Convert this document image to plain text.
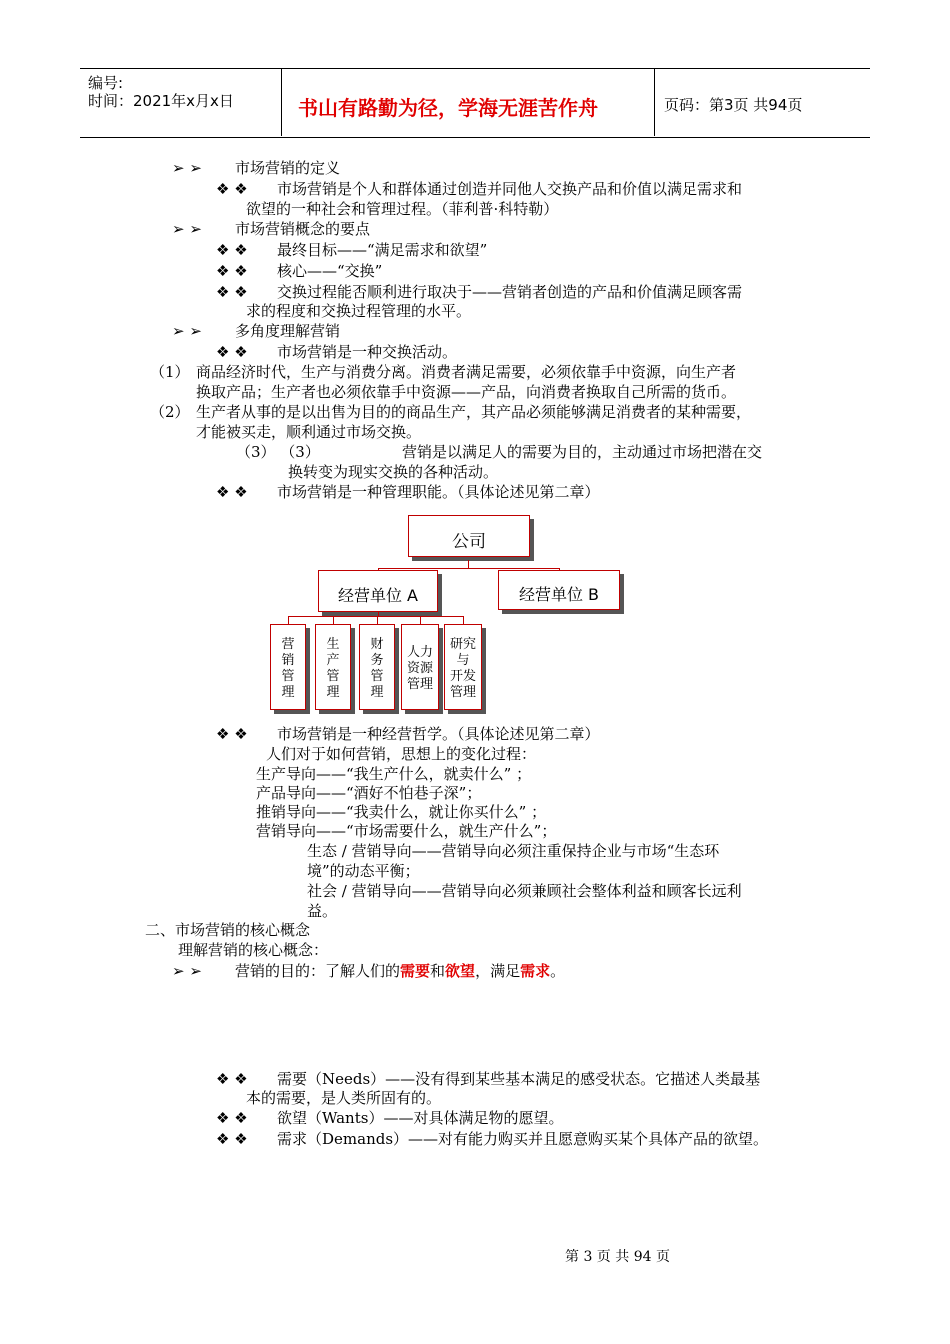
编号:
时间：2021年x月x日	书山有路勤为径，学海无涯苦作舟	页码：第3页 共94页
➢ ➢ 市场营销的定义
❖ ❖ 市场营销是个人和群体通过创造并同他人交换产品和价值以满足需求和
欲望的一种社会和管理过程。（菲利普·科特勒）
➢ ➢ 市场营销概念的要点
❖ ❖ 最终目标——“满足需求和欲望”
❖ ❖ 核心——“交换”
❖ ❖ 交换过程能否顺利进行取决于——营销者创造的产品和价值满足顾客需
求的程度和交换过程管理的水平。
➢ ➢ 多角度理解营销
❖ ❖ 市场营销是一种交换活动。
（1） 商品经济时代，生产与消费分离。消费者满足需要，必须依靠手中资源，向生产者
换取产品；生产者也必须依靠手中资源——产品，向消费者换取自己所需的货币。
（2） 生产者从事的是以出售为目的的商品生产，其产品必须能够满足消费者的某种需要，
才能被买走，顺利通过市场交换。
（3） （3）	营销是以满足人的需要为目的，主动通过市场把潜在交
换转变为现实交换的各种活动。
❖ ❖ 市场营销是一种管理职能。（具体论述见第二章）
公司
经营单位 A	经营单位 B
营
销
管
理
生
产
管
理
财
务
管
理
人力
资源
管理
研究
与
开发
管理
❖ ❖ 市场营销是一种经营哲学。（具体论述见第二章）
人们对于如何营销，思想上的变化过程：
生产导向——“我生产什么，就卖什么” ；
产品导向——“酒好不怕巷子深”；
推销导向——“我卖什么，就让你买什么” ；
营销导向——“市场需要什么，就生产什么”；
生态 / 营销导向——营销导向必须注重保持企业与市场“生态环
境”的动态平衡；
社会 / 营销导向——营销导向必须兼顾社会整体利益和顾客长远利
益。
二、市场营销的核心概念
理解营销的核心概念：
➢ ➢ 营销的目的：了解人们的需要和欲望，满足需求。
❖ ❖ 需要（Needs）——没有得到某些基本满足的感受状态。它描述人类最基
本的需要，是人类所固有的。
❖ ❖ 欲望（Wants）——对具体满足物的愿望。
❖ ❖ 需求（Demands）——对有能力购买并且愿意购买某个具体产品的欲望。
第 3 页 共 94 页
